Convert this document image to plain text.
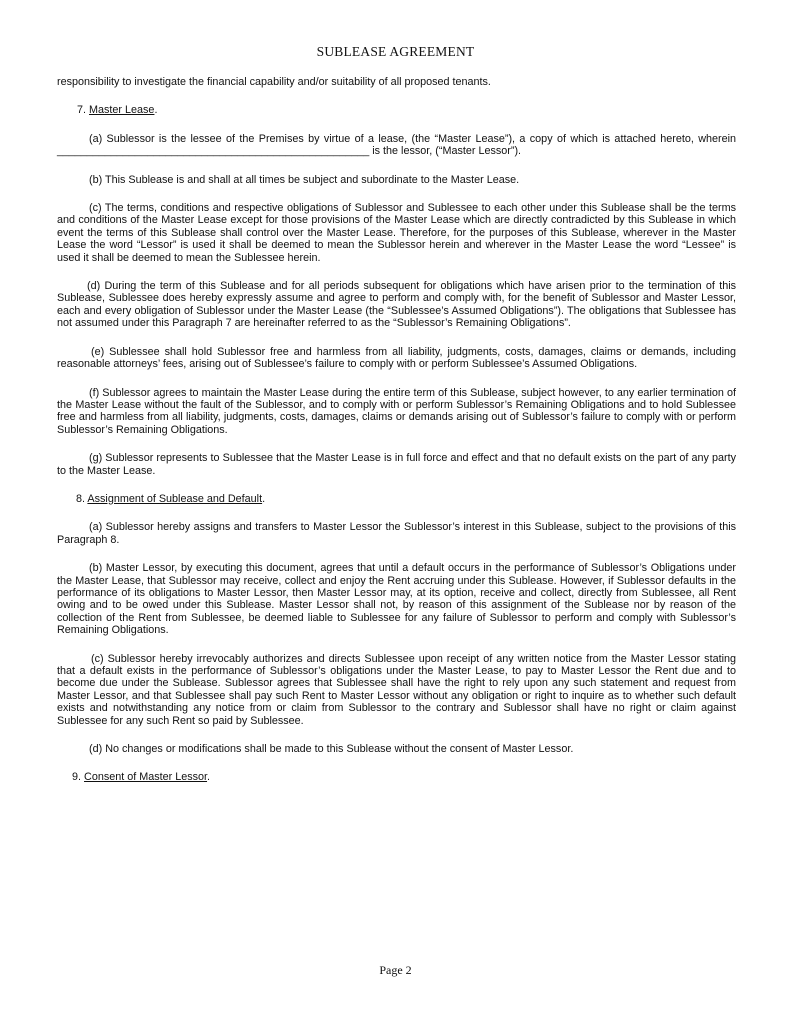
SUBLEASE AGREEMENT

responsibility to investigate the financial capability and/or suitability of all proposed tenants.

7. Master Lease.

(a) Sublessor is the lessee of the Premises by virtue of a lease, (the “Master Lease”), a copy of which is attached hereto, wherein ____________________________________________________ is the lessor, (“Master Lessor”).

(b) This Sublease is and shall at all times be subject and subordinate to the Master Lease.

(c) The terms, conditions and respective obligations of Sublessor and Sublessee to each other under this Sublease shall be the terms and conditions of the Master Lease except for those provisions of the Master Lease which are directly contradicted by this Sublease in which event the terms of this Sublease shall control over the Master Lease. Therefore, for the purposes of this Sublease, wherever in the Master Lease the word “Lessor” is used it shall be deemed to mean the Sublessor herein and wherever in the Master Lease the word “Lessee” is used it shall be deemed to mean the Sublessee herein.

(d) During the term of this Sublease and for all periods subsequent for obligations which have arisen prior to the termination of this Sublease, Sublessee does hereby expressly assume and agree to perform and comply with, for the benefit of Sublessor and Master Lessor, each and every obligation of Sublessor under the Master Lease (the “Sublessee’s Assumed Obligations”). The obligations that Sublessee has not assumed under this Paragraph 7 are hereinafter referred to as the “Sublessor’s Remaining Obligations”.

(e) Sublessee shall hold Sublessor free and harmless from all liability, judgments, costs, damages, claims or demands, including reasonable attorneys’ fees, arising out of Sublessee’s failure to comply with or perform Sublessee’s Assumed Obligations.

(f) Sublessor agrees to maintain the Master Lease during the entire term of this Sublease, subject however, to any earlier termination of the Master Lease without the fault of the Sublessor, and to comply with or perform Sublessor’s Remaining Obligations and to hold Sublessee free and harmless from all liability, judgments, costs, damages, claims or demands arising out of Sublessor’s failure to comply with or perform Sublessor’s Remaining Obligations.

(g) Sublessor represents to Sublessee that the Master Lease is in full force and effect and that no default exists on the part of any party to the Master Lease.

8. Assignment of Sublease and Default.

(a) Sublessor hereby assigns and transfers to Master Lessor the Sublessor’s interest in this Sublease, subject to the provisions of this Paragraph 8.

(b) Master Lessor, by executing this document, agrees that until a default occurs in the performance of Sublessor’s Obligations under the Master Lease, that Sublessor may receive, collect and enjoy the Rent accruing under this Sublease. However, if Sublessor defaults in the performance of its obligations to Master Lessor, then Master Lessor may, at its option, receive and collect, directly from Sublessee, all Rent owing and to be owed under this Sublease. Master Lessor shall not, by reason of this assignment of the Sublease nor by reason of the collection of the Rent from Sublessee, be deemed liable to Sublessee for any failure of Sublessor to perform and comply with Sublessor’s Remaining Obligations.

(c) Sublessor hereby irrevocably authorizes and directs Sublessee upon receipt of any written notice from the Master Lessor stating that a default exists in the performance of Sublessor’s obligations under the Master Lease, to pay to Master Lessor the Rent due and to become due under the Sublease. Sublessor agrees that Sublessee shall have the right to rely upon any such statement and request from Master Lessor, and that Sublessee shall pay such Rent to Master Lessor without any obligation or right to inquire as to whether such default exists and notwithstanding any notice from or claim from Sublessor to the contrary and Sublessor shall have no right or claim against Sublessee for any such Rent so paid by Sublessee.

(d) No changes or modifications shall be made to this Sublease without the consent of Master Lessor.

9. Consent of Master Lessor.

Page 2
